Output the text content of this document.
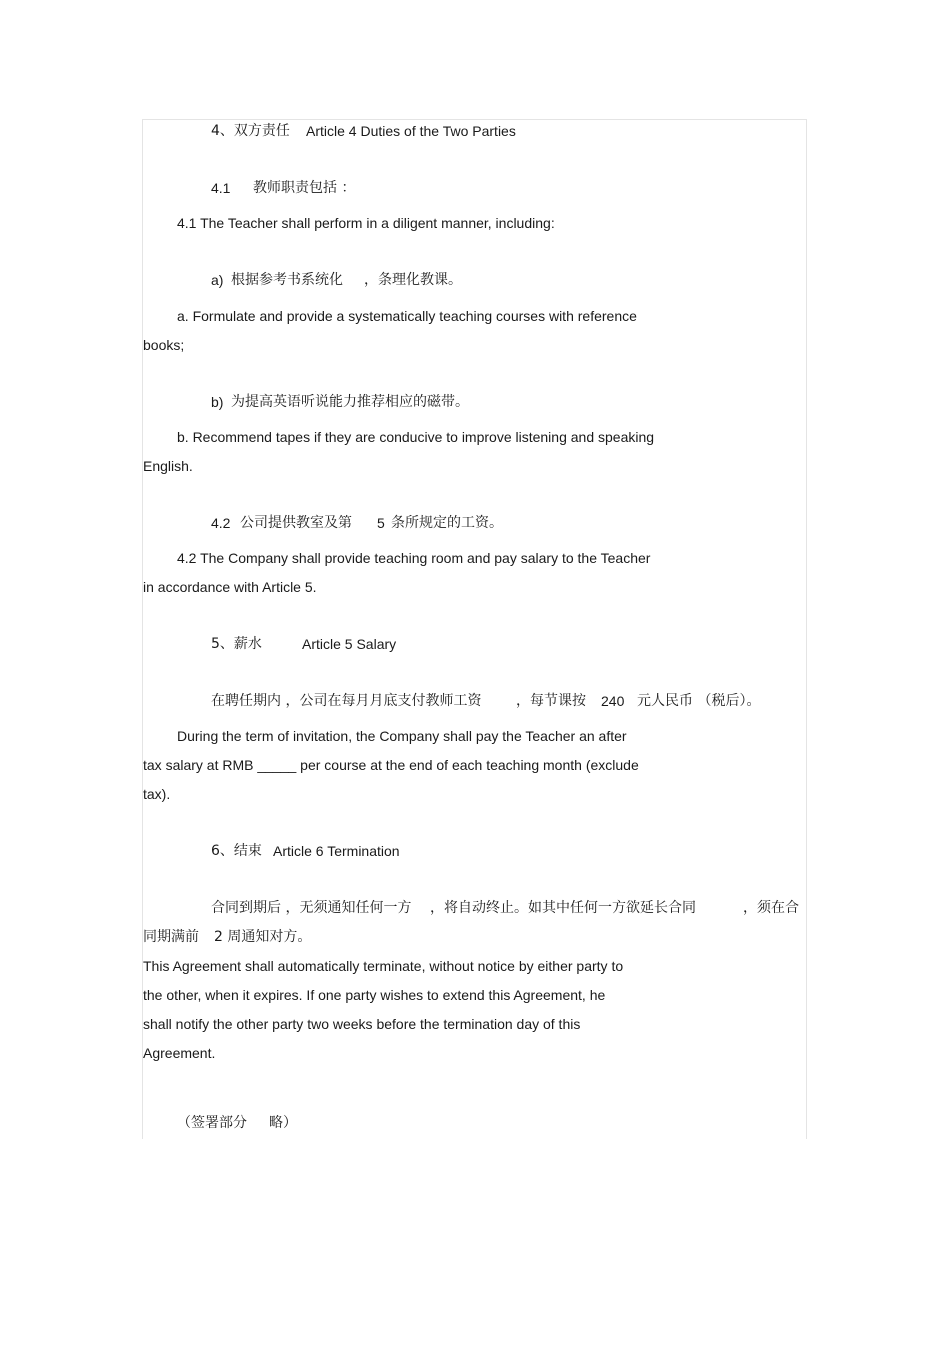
4、双方责任 Article 4 Duties of the Two Parties
4.1 教师职责包括 ：
4.1 The Teacher shall perform in a diligent manner, including:
a) 根据参考书系统化 ，条理化教课。
a. Formulate and provide a systematically teaching courses with reference
books;
b) 为提高英语听说能力推荐相应的磁带。
b. Recommend tapes if they are conducive to improve listening and speaking
English.
4.2 公司提供教室及第 5 条所规定的工资。
4.2 The Company shall provide teaching room and pay salary to the Teacher
in accordance with Article 5.
5、薪水	Article 5 Salary
在聘任期内 ，公司在每月月底支付教师工资 ，每节课按 240 元人民币 （税后）。
During the term of invitation, the Company shall pay the Teacher an after
tax salary at RMB _____ per course at the end of each teaching month (exclude
tax).
6、结束 Article 6 Termination
合同到期后 ，无须通知任何一方 ，将自动终止。如其中任何一方欲延长合同	，须在合
同期满前 2 周通知对方。
This Agreement shall automatically terminate, without notice by either party to
the other, when it expires. If one party wishes to extend this Agreement, he
shall notify the other party two weeks before the termination day of this
Agreement.
（签署部分 略）
